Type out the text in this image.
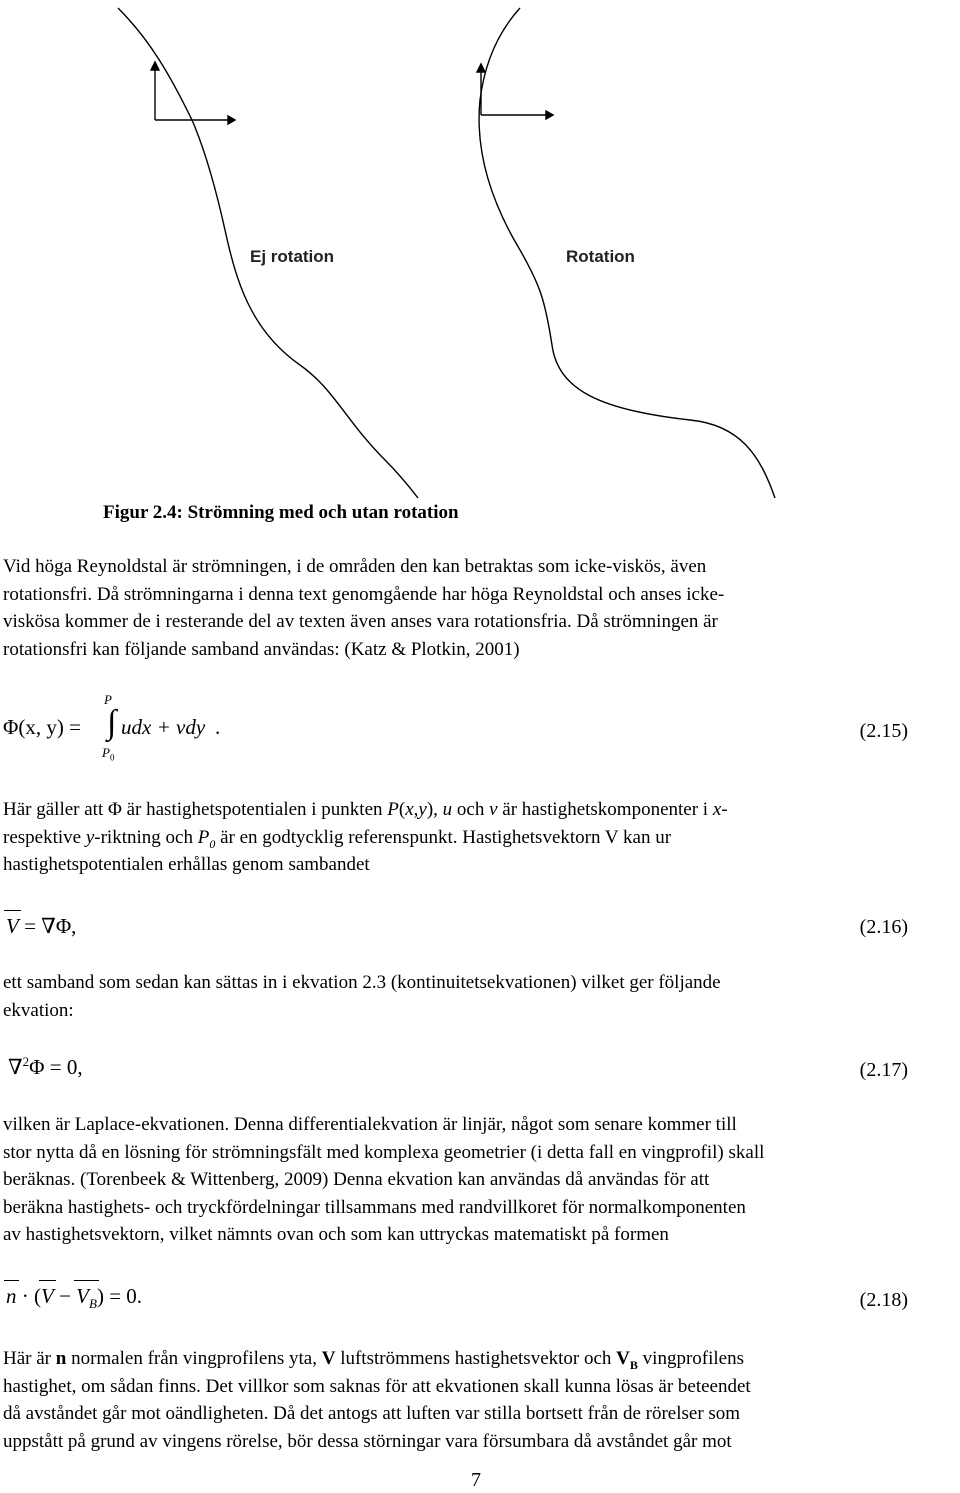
Ej rotation	Rotation
Figur 2.4: Strömning med och utan rotation

Vid höga Reynoldstal är strömningen, i de områden den kan betraktas som icke-viskös, även
rotationsfri. Då strömningarna i denna text genomgående har höga Reynoldstal och anses icke-
viskösa kommer de i resterande del av texten även anses vara rotationsfria. Då strömningen är
rotationsfri kan följande samband användas: (Katz & Plotkin, 2001)

Φ(x, y) =
P
∫
$P_0$
udx + vdy .	(2.15)

Här gäller att Φ är hastighetspotentialen i punkten P(x,y), u och v är hastighetskomponenter i x-
respektive y-riktning och $P_0$ är en godtycklig referenspunkt. Hastighetsvektorn V kan ur
hastighetspotentialen erhållas genom sambandet

V = ∇Φ,	(2.16)

ett samband som sedan kan sättas in i ekvation 2.3 (kontinuitetsekvationen) vilket ger följande
ekvation:

∇$^2$Φ = 0,	(2.17)

vilken är Laplace-ekvationen. Denna differentialekvation är linjär, något som senare kommer till
stor nytta då en lösning för strömningsfält med komplexa geometrier (i detta fall en vingprofil) skall
beräknas. (Torenbeek & Wittenberg, 2009) Denna ekvation kan användas då användas för att
beräkna hastighets- och tryckfördelningar tillsammans med randvillkoret för normalkomponenten
av hastighetsvektorn, vilket nämnts ovan och som kan uttryckas matematiskt på formen

$n \cdot (V - V_B) = 0$.	(2.18)

Här är n normalen från vingprofilens yta, V luftströmmens hastighetsvektor och $V_B$ vingprofilens
hastighet, om sådan finns. Det villkor som saknas för att ekvationen skall kunna lösas är beteendet
då avståndet går mot oändligheten. Då det antogs att luften var stilla bortsett från de rörelser som
uppstått på grund av vingens rörelse, bör dessa störningar vara försumbara då avståndet går mot

7
